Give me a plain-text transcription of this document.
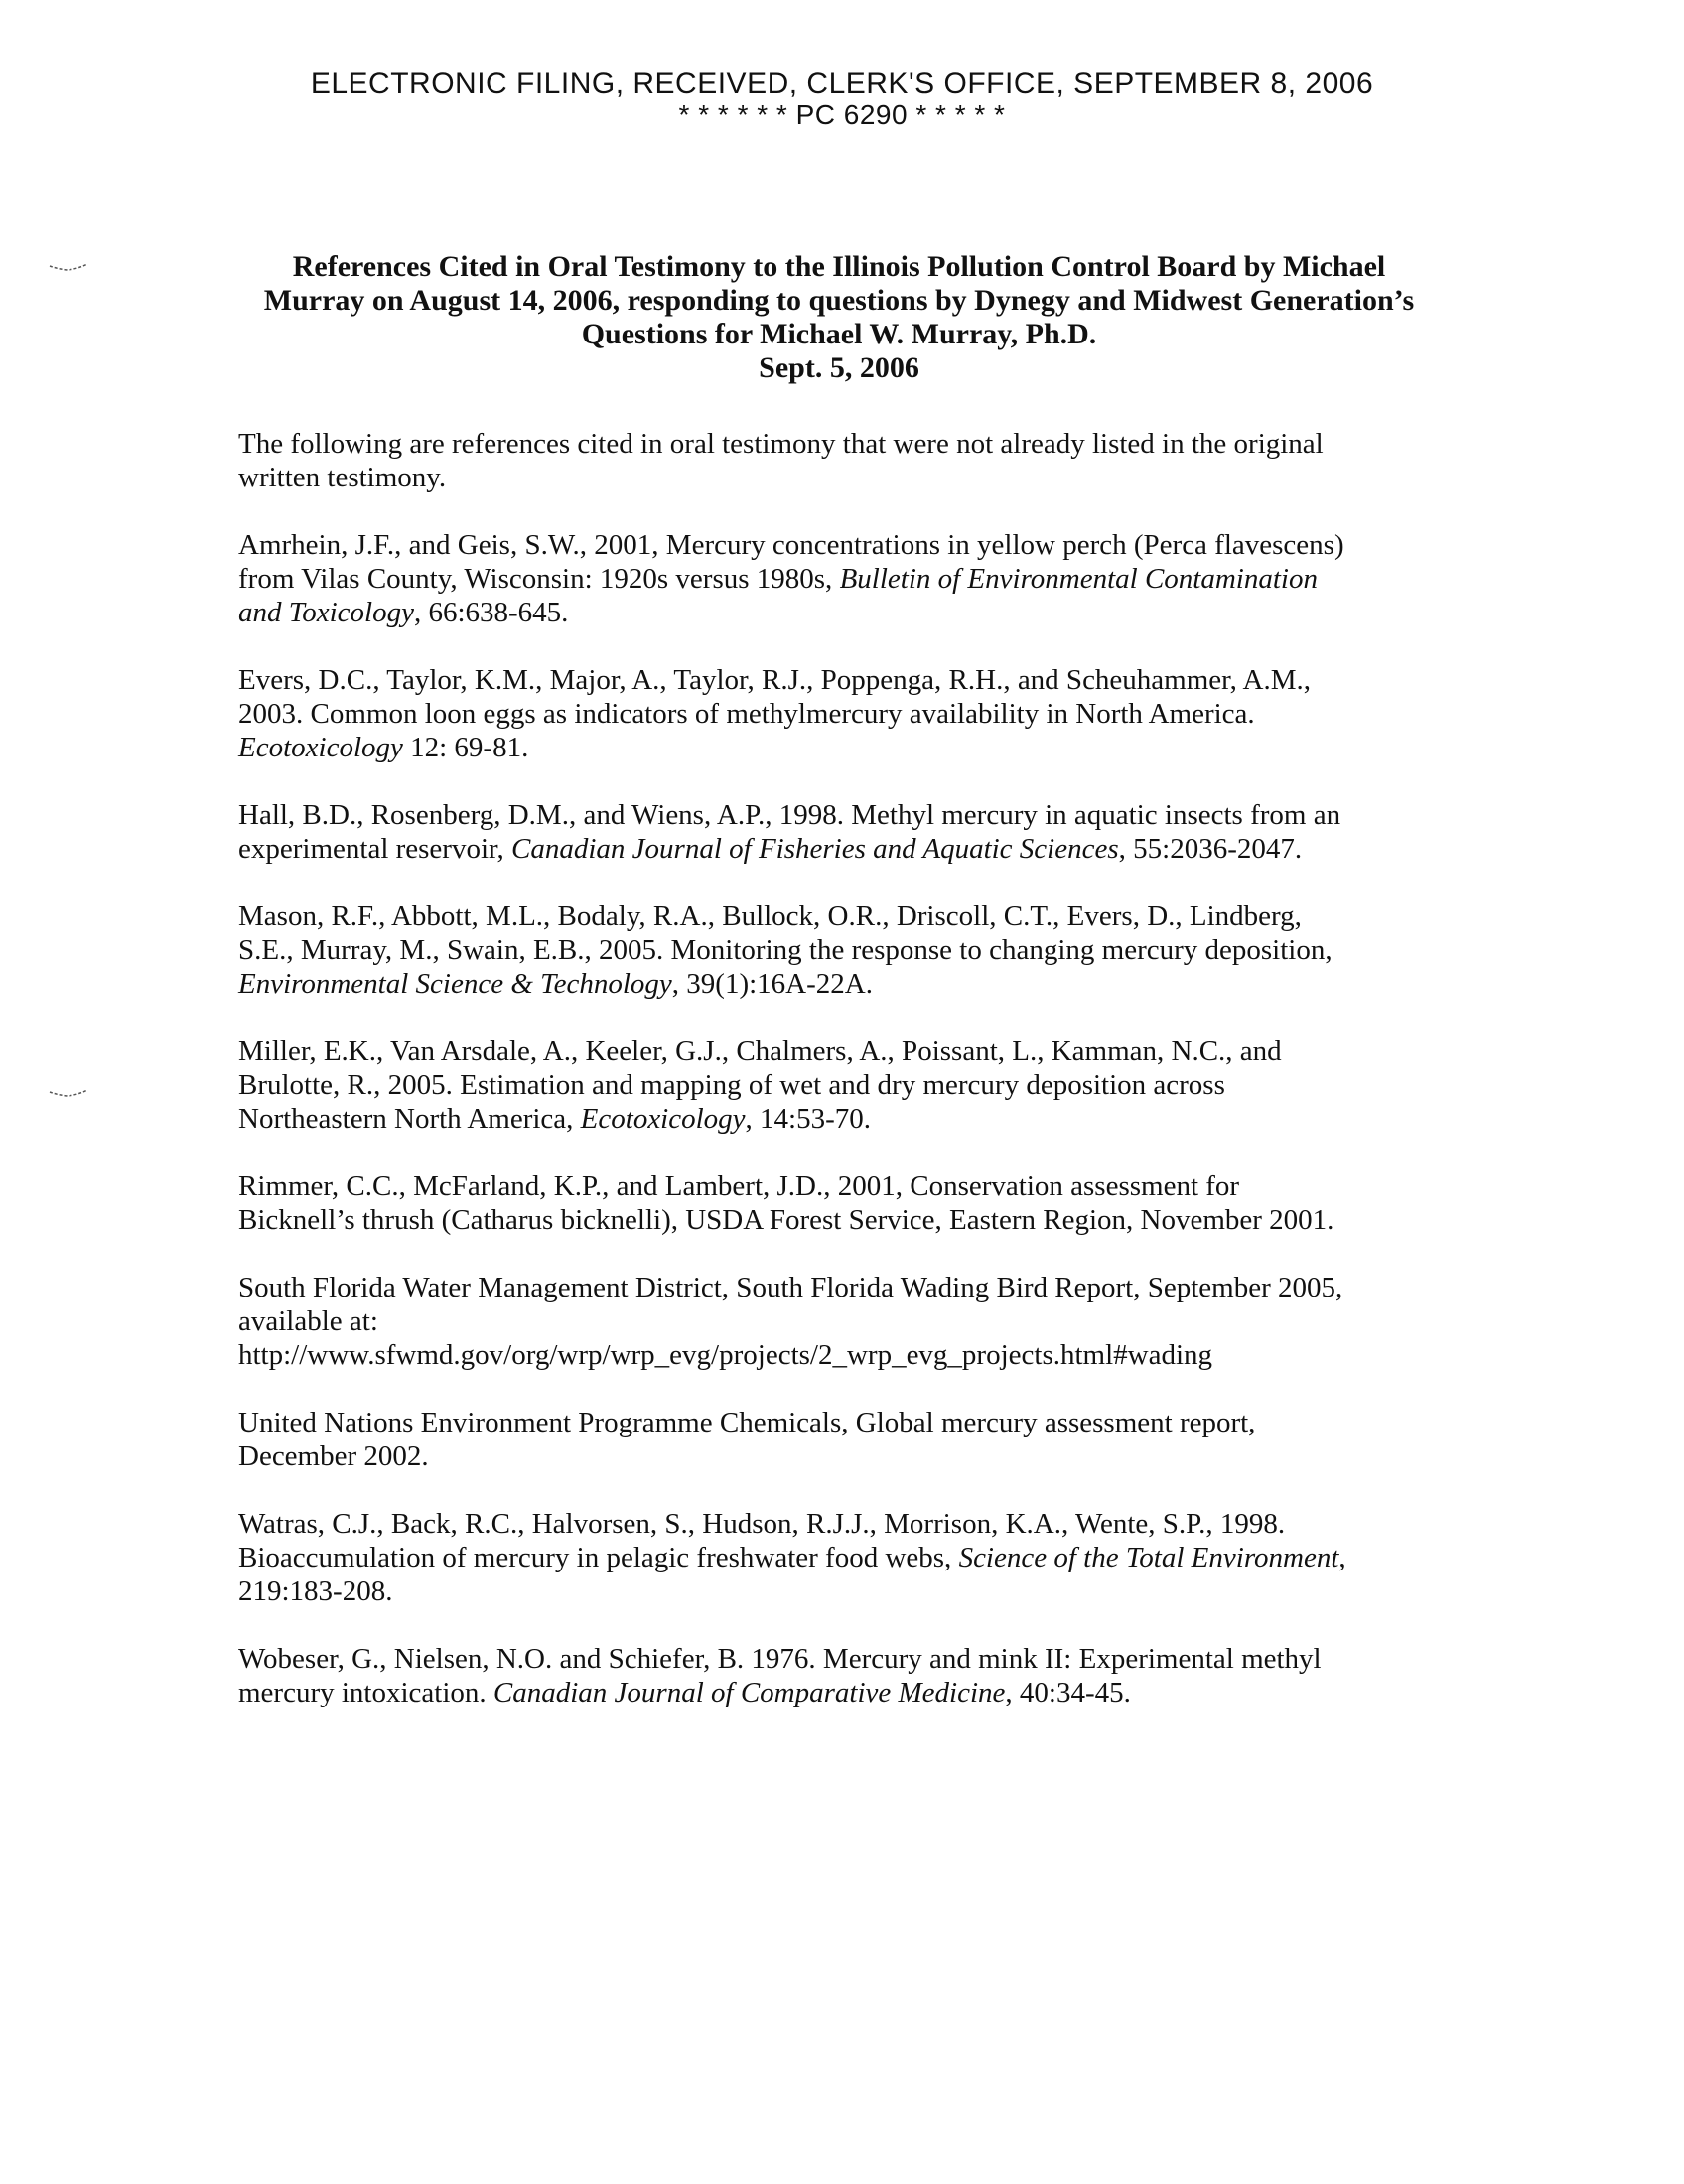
ELECTRONIC FILING, RECEIVED, CLERK'S OFFICE, SEPTEMBER 8, 2006
* * * * * * PC 6290 * * * * *
References Cited in Oral Testimony to the Illinois Pollution Control Board by Michael
Murray on August 14, 2006, responding to questions by Dynegy and Midwest Generation’s
Questions for Michael W. Murray, Ph.D.
Sept. 5, 2006

The following are references cited in oral testimony that were not already listed in the original
written testimony.

Amrhein, J.F., and Geis, S.W., 2001, Mercury concentrations in yellow perch (Perca flavescens)
from Vilas County, Wisconsin: 1920s versus 1980s, Bulletin of Environmental Contamination
and Toxicology, 66:638-645.
Evers, D.C., Taylor, K.M., Major, A., Taylor, R.J., Poppenga, R.H., and Scheuhammer, A.M.,
2003. Common loon eggs as indicators of methylmercury availability in North America.
Ecotoxicology 12: 69-81.
Hall, B.D., Rosenberg, D.M., and Wiens, A.P., 1998. Methyl mercury in aquatic insects from an
experimental reservoir, Canadian Journal of Fisheries and Aquatic Sciences, 55:2036-2047.
Mason, R.F., Abbott, M.L., Bodaly, R.A., Bullock, O.R., Driscoll, C.T., Evers, D., Lindberg,
S.E., Murray, M., Swain, E.B., 2005. Monitoring the response to changing mercury deposition,
Environmental Science & Technology, 39(1):16A-22A.
Miller, E.K., Van Arsdale, A., Keeler, G.J., Chalmers, A., Poissant, L., Kamman, N.C., and
Brulotte, R., 2005. Estimation and mapping of wet and dry mercury deposition across
Northeastern North America, Ecotoxicology, 14:53-70.
Rimmer, C.C., McFarland, K.P., and Lambert, J.D., 2001, Conservation assessment for
Bicknell’s thrush (Catharus bicknelli), USDA Forest Service, Eastern Region, November 2001.
South Florida Water Management District, South Florida Wading Bird Report, September 2005,
available at:
http://www.sfwmd.gov/org/wrp/wrp_evg/projects/2_wrp_evg_projects.html#wading
United Nations Environment Programme Chemicals, Global mercury assessment report,
December 2002.
Watras, C.J., Back, R.C., Halvorsen, S., Hudson, R.J.J., Morrison, K.A., Wente, S.P., 1998.
Bioaccumulation of mercury in pelagic freshwater food webs, Science of the Total Environment,
219:183-208.
Wobeser, G., Nielsen, N.O. and Schiefer, B. 1976. Mercury and mink II: Experimental methyl
mercury intoxication. Canadian Journal of Comparative Medicine, 40:34-45.
